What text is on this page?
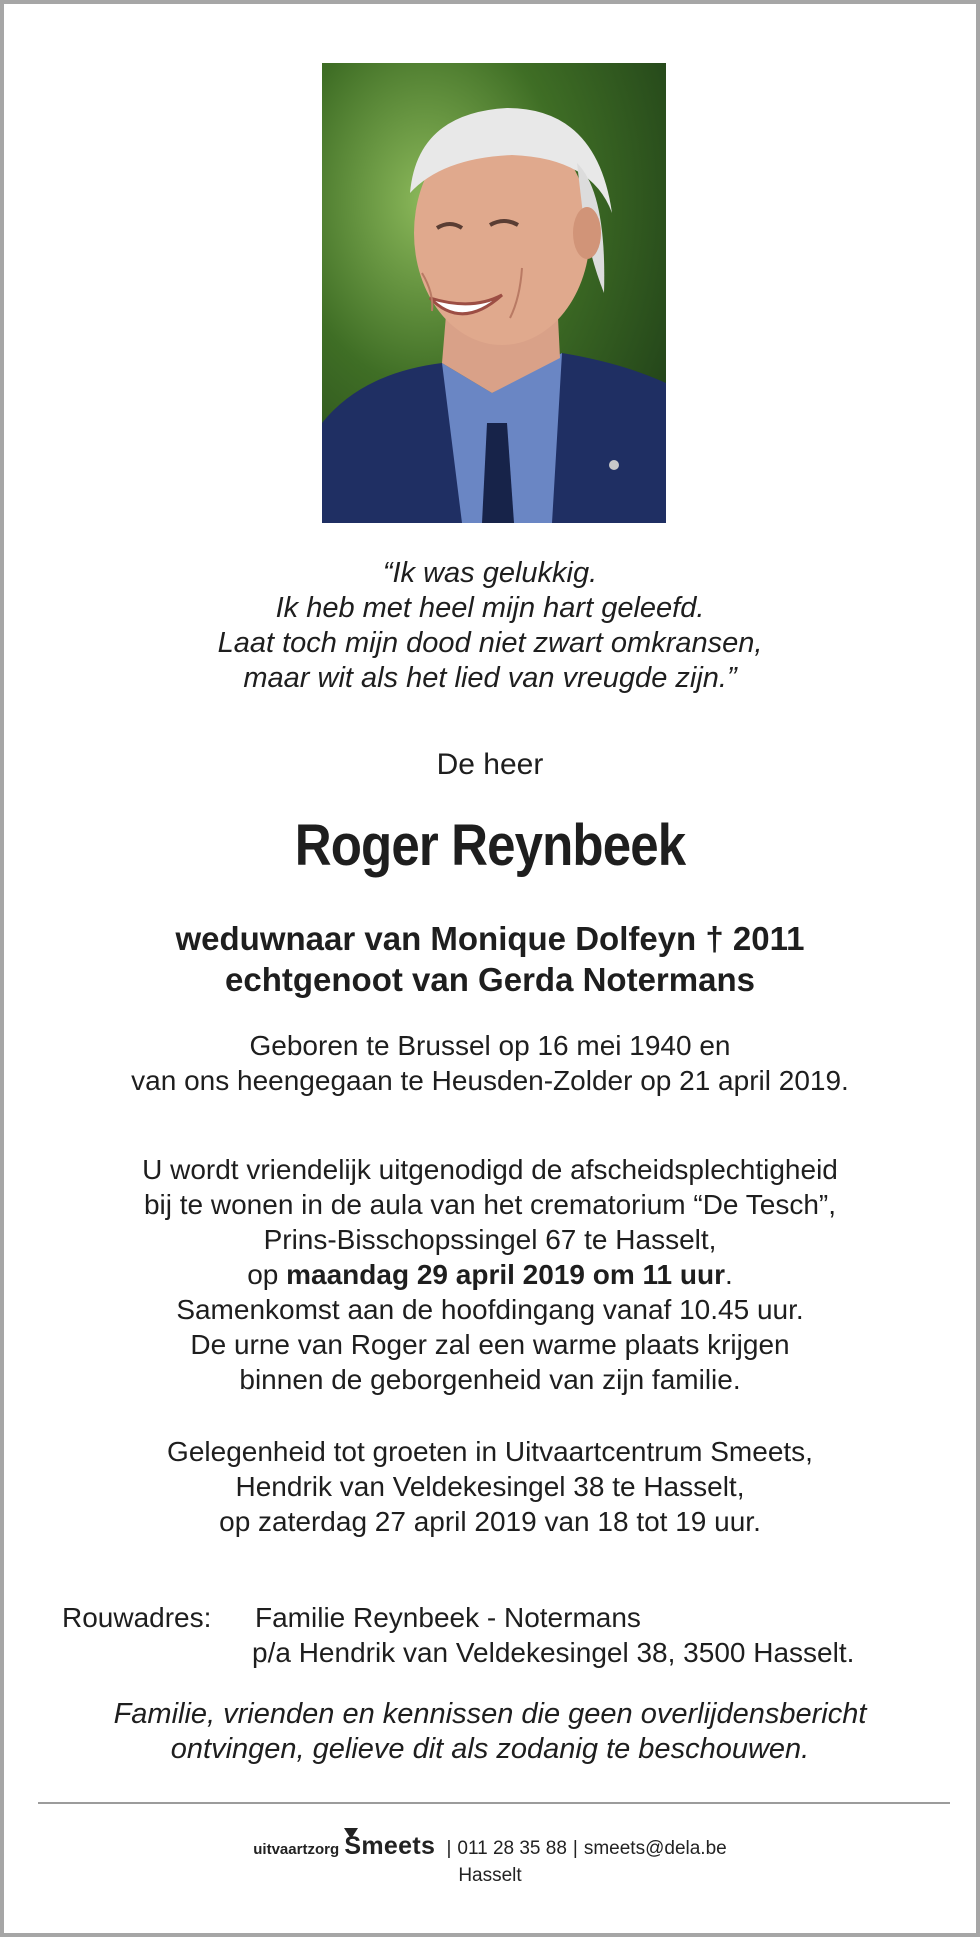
“Ik was gelukkig.
Ik heb met heel mijn hart geleefd.
Laat toch mijn dood niet zwart omkransen,
maar wit als het lied van vreugde zijn.”
De heer
Roger Reynbeek
weduwnaar van Monique Dolfeyn † 2011
echtgenoot van Gerda Notermans
Geboren te Brussel op 16 mei 1940 en
van ons heengegaan te Heusden-Zolder op 21 april 2019.
U wordt vriendelijk uitgenodigd de afscheidsplechtigheid
bij te wonen in de aula van het crematorium “De Tesch”,
Prins-Bisschopssingel 67 te Hasselt,
op maandag 29 april 2019 om 11 uur.
Samenkomst aan de hoofdingang vanaf 10.45 uur.
De urne van Roger zal een warme plaats krijgen
binnen de geborgenheid van zijn familie.
Gelegenheid tot groeten in Uitvaartcentrum Smeets,
Hendrik van Veldekesingel 38 te Hasselt,
op zaterdag 27 april 2019 van 18 tot 19 uur.
Rouwadres: Familie Reynbeek - Notermans
p/a Hendrik van Veldekesingel 38, 3500 Hasselt.
Familie, vrienden en kennissen die geen overlijdensbericht
ontvingen, gelieve dit als zodanig te beschouwen.
uitvaartzorg Smeets | 011 28 35 88 | smeets@dela.be
Hasselt
